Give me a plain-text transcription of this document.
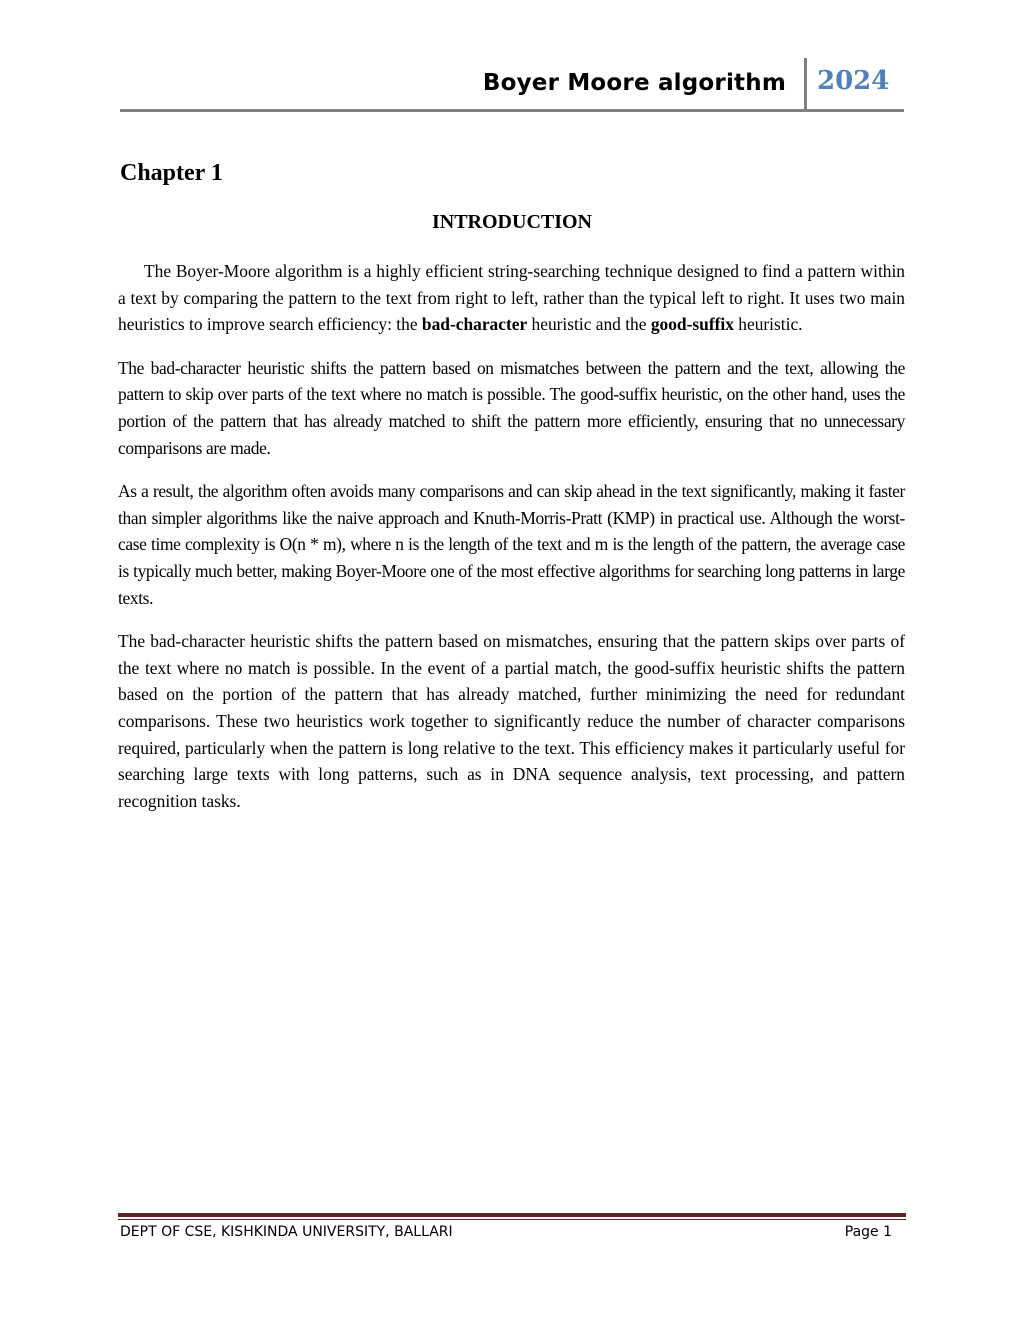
Boyer Moore algorithm 2024
Chapter 1
INTRODUCTION

The Boyer-Moore algorithm is a highly efficient string-searching technique designed to find a pattern within a text by comparing the pattern to the text from right to left, rather than the typical left to right. It uses two main heuristics to improve search efficiency: the bad-character heuristic and the good-suffix heuristic.

The bad-character heuristic shifts the pattern based on mismatches between the pattern and the text, allowing the pattern to skip over parts of the text where no match is possible. The good-suffix heuristic, on the other hand, uses the portion of the pattern that has already matched to shift the pattern more efficiently, ensuring that no unnecessary comparisons are made.

As a result, the algorithm often avoids many comparisons and can skip ahead in the text significantly, making it faster than simpler algorithms like the naive approach and Knuth-Morris-Pratt (KMP) in practical use. Although the worst-case time complexity is O(n * m), where n is the length of the text and m is the length of the pattern, the average case is typically much better, making Boyer-Moore one of the most effective algorithms for searching long patterns in large texts.

The bad-character heuristic shifts the pattern based on mismatches, ensuring that the pattern skips over parts of the text where no match is possible. In the event of a partial match, the good-suffix heuristic shifts the pattern based on the portion of the pattern that has already matched, further minimizing the need for redundant comparisons. These two heuristics work together to significantly reduce the number of character comparisons required, particularly when the pattern is long relative to the text. This efficiency makes it particularly useful for searching large texts with long patterns, such as in DNA sequence analysis, text processing, and pattern recognition tasks.

DEPT OF CSE, KISHKINDA UNIVERSITY, BALLARI	Page 1
